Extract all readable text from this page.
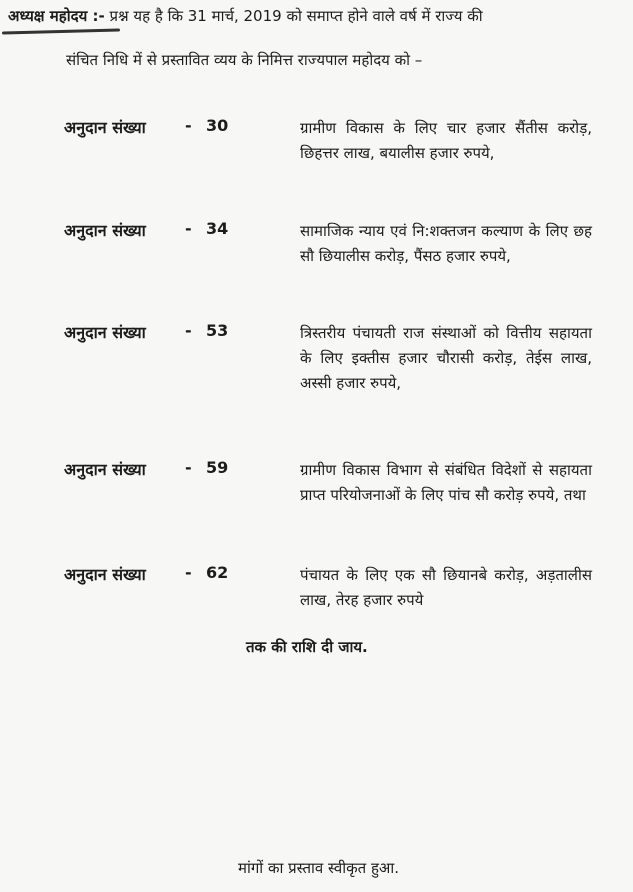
अध्यक्ष महोदय :- प्रश्न यह है कि 31 मार्च, 2019 को समाप्त होने वाले वर्ष में राज्य की
संचित निधि में से प्रस्तावित व्यय के निमित्त राज्यपाल महोदय को –
अनुदान संख्या - 30	ग्रामीण विकास के लिए चार हजार सैंतीस करोड़, छिहत्तर लाख, बयालीस हजार रुपये,
अनुदान संख्या - 34	सामाजिक न्याय एवं नि:शक्तजन कल्याण के लिए छह सौ छियालीस करोड़, पैंसठ हजार रुपये,
अनुदान संख्या - 53	त्रिस्तरीय पंचायती राज संस्थाओं को वित्तीय सहायता के लिए इक्तीस हजार चौरासी करोड़, तेईस लाख, अस्सी हजार रुपये,
अनुदान संख्या - 59	ग्रामीण विकास विभाग से संबंधित विदेशों से सहायता प्राप्त परियोजनाओं के लिए पांच सौ करोड़ रुपये, तथा
अनुदान संख्या - 62	पंचायत के लिए एक सौ छियानबे करोड़, अड़तालीस लाख, तेरह हजार रुपये
तक की राशि दी जाय.
मांगों का प्रस्ताव स्वीकृत हुआ.
